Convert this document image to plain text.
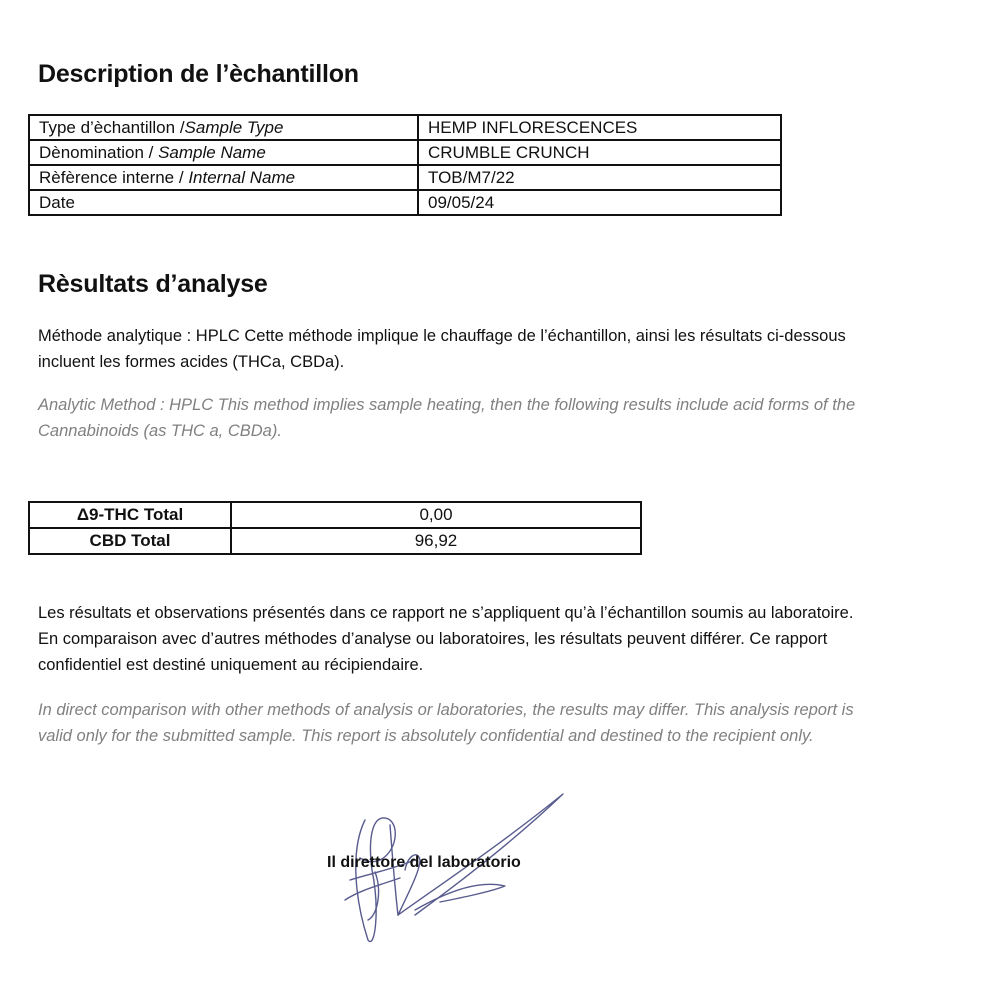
Description de l’èchantillon
Type d’èchantillon /Sample Type	HEMP INFLORESCENCES
Dènomination / Sample Name	CRUMBLE CRUNCH
Rèfèrence interne / Internal Name	TOB/M7/22
Date	09/05/24
Rèsultats d’analyse
Méthode analytique : HPLC Cette méthode implique le chauffage de l’échantillon, ainsi les résultats ci-dessous
incluent les formes acides (THCa, CBDa).
Analytic Method : HPLC This method implies sample heating, then the following results include acid forms of the
Cannabinoids (as THC a, CBDa).
Δ9-THC Total	0,00
CBD Total	96,92
Les résultats et observations présentés dans ce rapport ne s’appliquent qu’à l’échantillon soumis au laboratoire.
En comparaison avec d’autres méthodes d’analyse ou laboratoires, les résultats peuvent différer. Ce rapport
confidentiel est destiné uniquement au récipiendaire.
In direct comparison with other methods of analysis or laboratories, the results may differ. This analysis report is
valid only for the submitted sample. This report is absolutely confidential and destined to the recipient only.
Il direttore del laboratorio
